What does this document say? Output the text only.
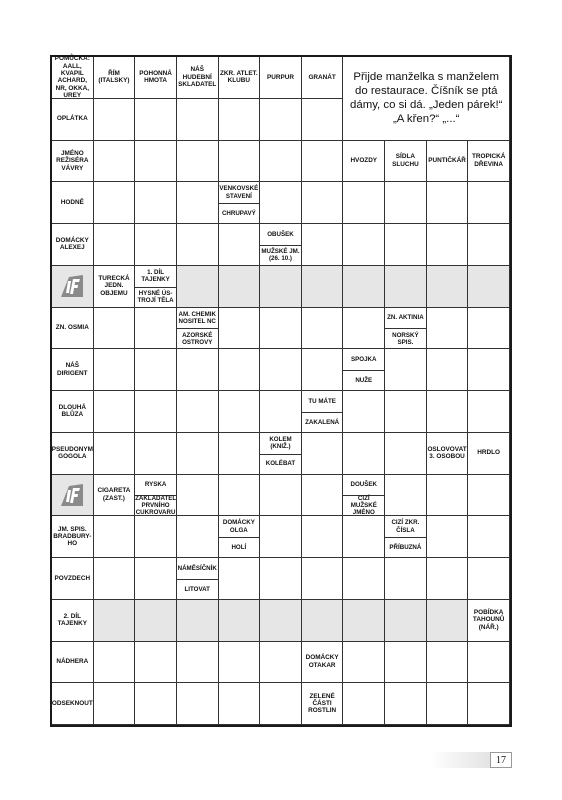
POMŮCKA: AALL, KVAPIL ACHARD, NR, OKKA, UREY
ŘÍM (ITALSKY)
POHONNÁ HMOTA
NÁŠ HUDEBNÍ SKLADATEL
ZKR. ATLET. KLUBU
PURPUR	GRANÁT
OPLÁTKA
JMÉNO REŽISÉRA VÁVRY
HVOZDY
SÍDLA SLUCHU
PUNTIČKÁŘ
TROPICKÁ DŘEVINA
HODNĚ
VENKOVSKÉ STAVENÍ
CHRUPAVÝ
DOMÁCKY ALEXEJ
OBUŠEK
MUŽSKÉ JM. (26. 10.)
TURECKÁ JEDN. OBJEMU
1. DÍL TAJENKY
HYSNÉ ÚS- TROJÍ TĚLA
ZN. OSMIA
AM. CHEMIK NOSITEL NC
AZORSKÉ OSTROVY
ZN. AKTINIA
NORSKÝ SPIS.
NÁŠ DIRIGENT
SPOJKA
NUŽE
DLOUHÁ BLŮZA
TU MÁTE
ZAKALENÁ
PSEUDONYM GOGOLA
KOLEM (KNIŽ.)
KOLÉBAT
OSLOVOVAT 3. OSOBOU
HRDLO
CIGARETA (ZAST.)
RYSKA
ZAKLADATEL PRVNÍHO CUKROVARU
DOUŠEK
CIZÍ MUŽSKÉ JMÉNO
JM. SPIS. BRADBURY- HO
DOMÁCKY OLGA
HOLÍ
CIZÍ ZKR. ČÍSLA
PŘÍBUZNÁ
POVZDECH
NÁMĚSÍČNÍK
LITOVAT
2. DÍL TAJENKY
POBÍDKA TAHOUNŮ (NÁŘ.)
NÁDHERA
DOMÁCKY OTAKAR
ODSEKNOUT
ZELENÉ ČÁSTI ROSTLIN
Přijde manželka s manželem do restaurace. Číšník se ptá dámy, co si dá. „Jeden párek!“ „A křen?“ „...“
17
